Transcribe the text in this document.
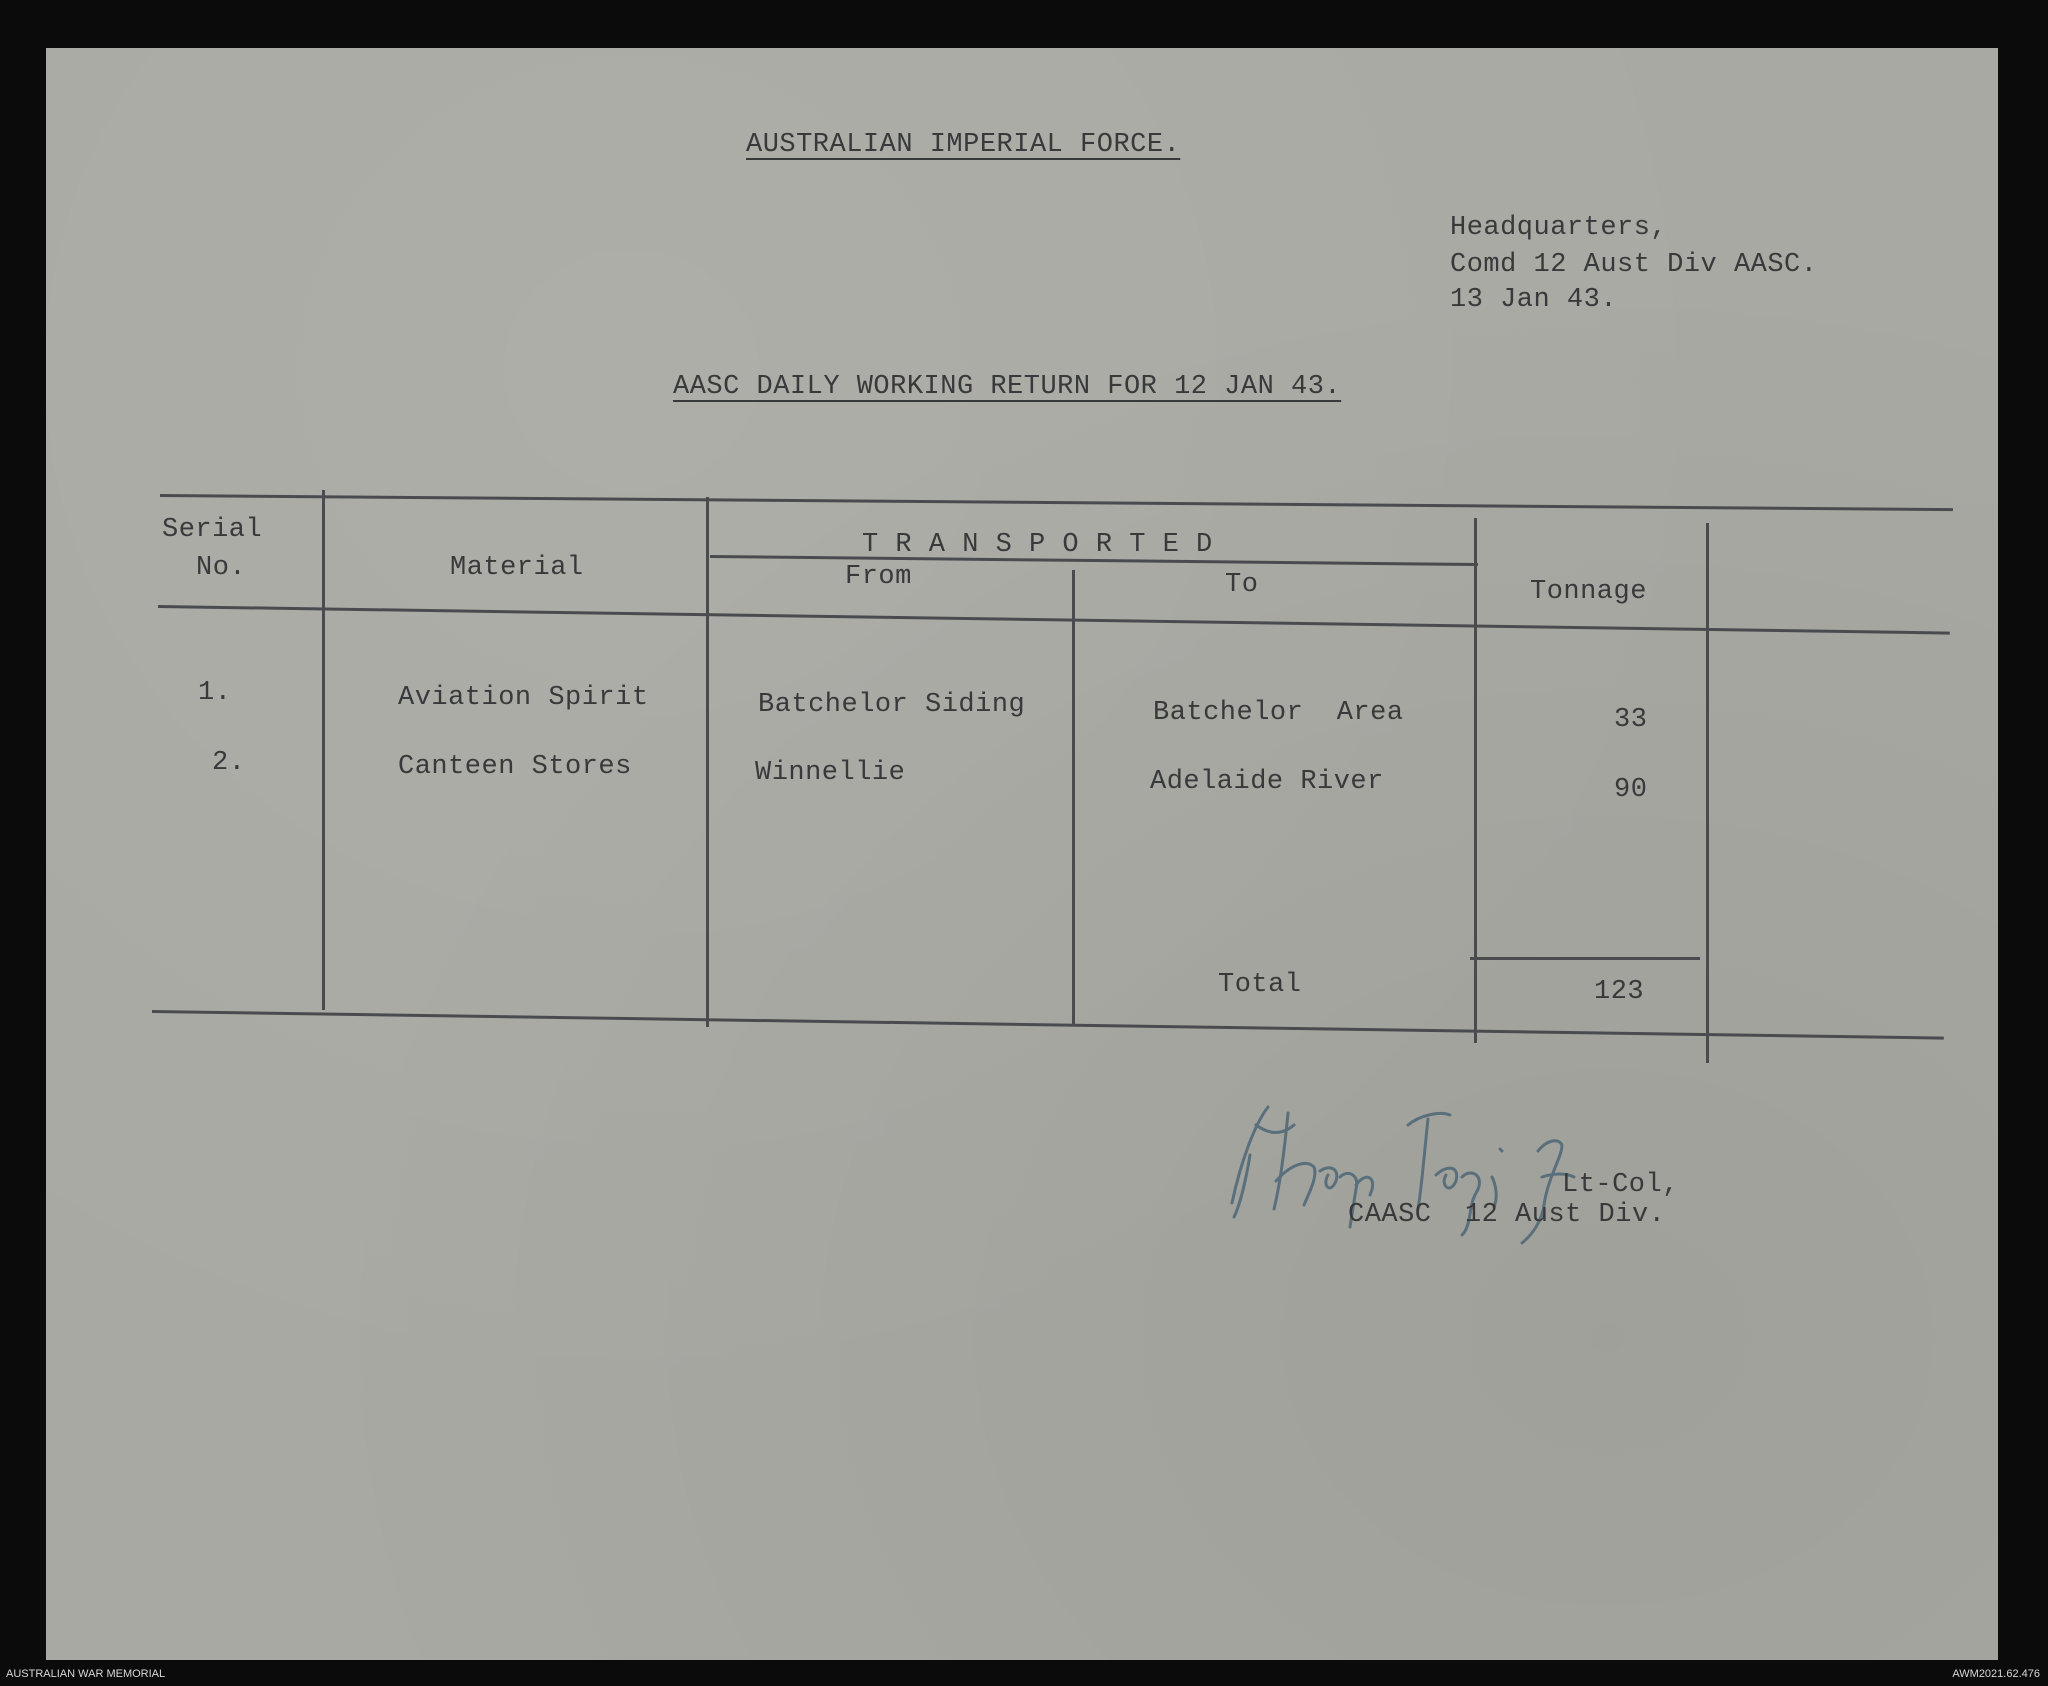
AUSTRALIAN IMPERIAL FORCE.
Headquarters,
Comd 12 Aust Div AASC.
13 Jan 43.
AASC DAILY WORKING RETURN FOR 12 JAN 43.
Serial
No.	Material
T R A N S P O R T E D
From	To	Tonnage
1.	Aviation Spirit	Batchelor Siding	Batchelor  Area	33
2.	Canteen Stores	Winnellie	Adelaide River	90
Total	123
Lt-Col,
CAASC  12 Aust Div.
AUSTRALIAN WAR MEMORIAL	AWM2021.62.476
